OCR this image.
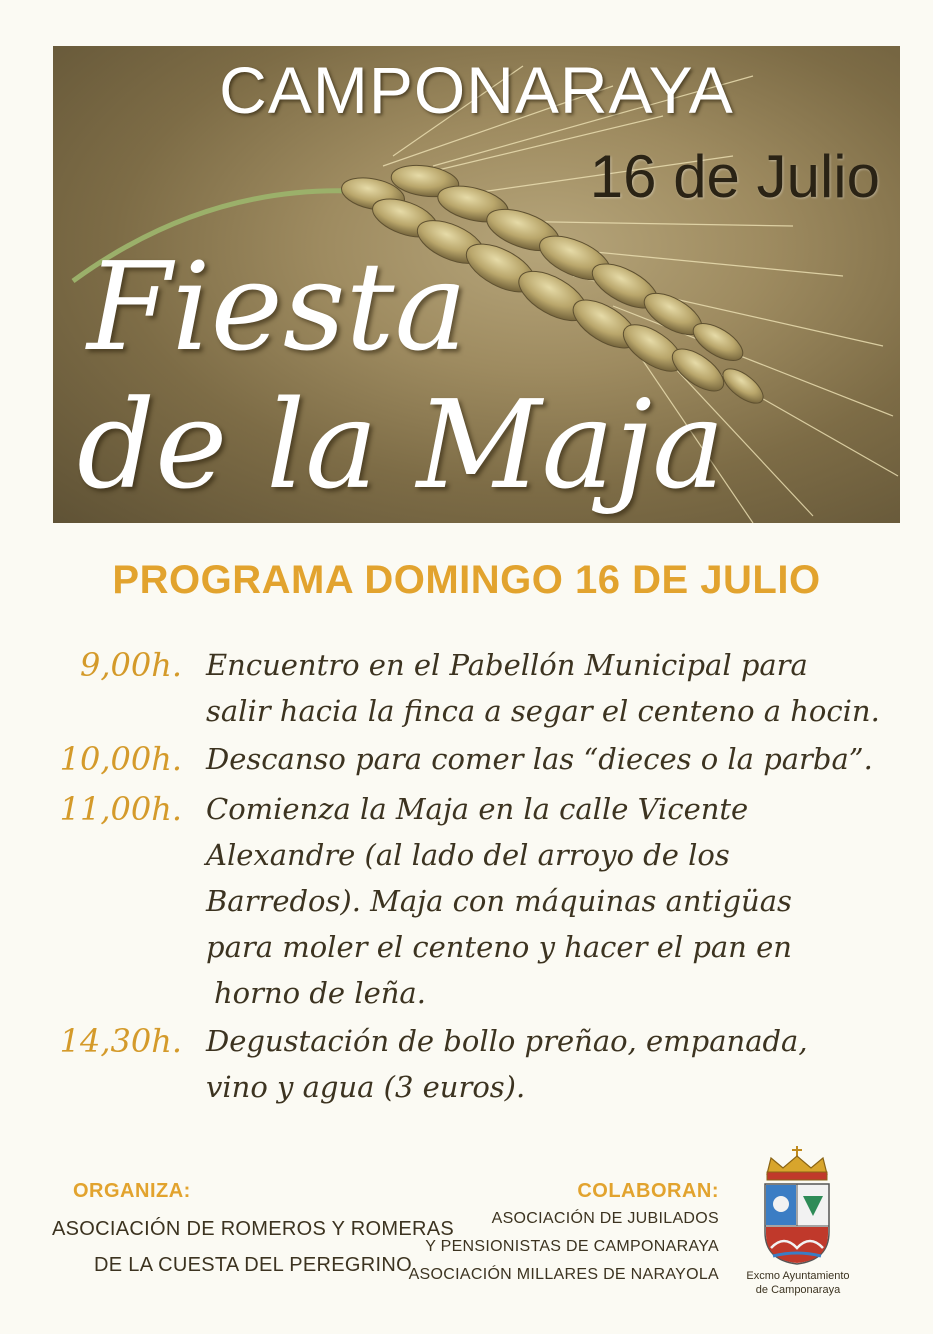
CAMPONARAYA
16 de Julio
Fiesta
de la Maja
PROGRAMA DOMINGO 16 DE JULIO
9,00h. Encuentro en el Pabellón Municipal para
salir hacia la finca a segar el centeno a hocin.
10,00h. Descanso para comer las “dieces o la parba”.
11,00h. Comienza la Maja en la calle Vicente
Alexandre (al lado del arroyo de los
Barredos). Maja con máquinas antigüas
para moler el centeno y hacer el pan en
horno de leña.
14,30h. Degustación de bollo preñao, empanada,
vino y agua (3 euros).
ORGANIZA:
ASOCIACIÓN DE ROMEROS Y ROMERAS
DE LA CUESTA DEL PEREGRINO
COLABORAN:
ASOCIACIÓN DE JUBILADOS
Y PENSIONISTAS DE CAMPONARAYA
ASOCIACIÓN MILLARES DE NARAYOLA	Excmo Ayuntamiento
de Camponaraya
